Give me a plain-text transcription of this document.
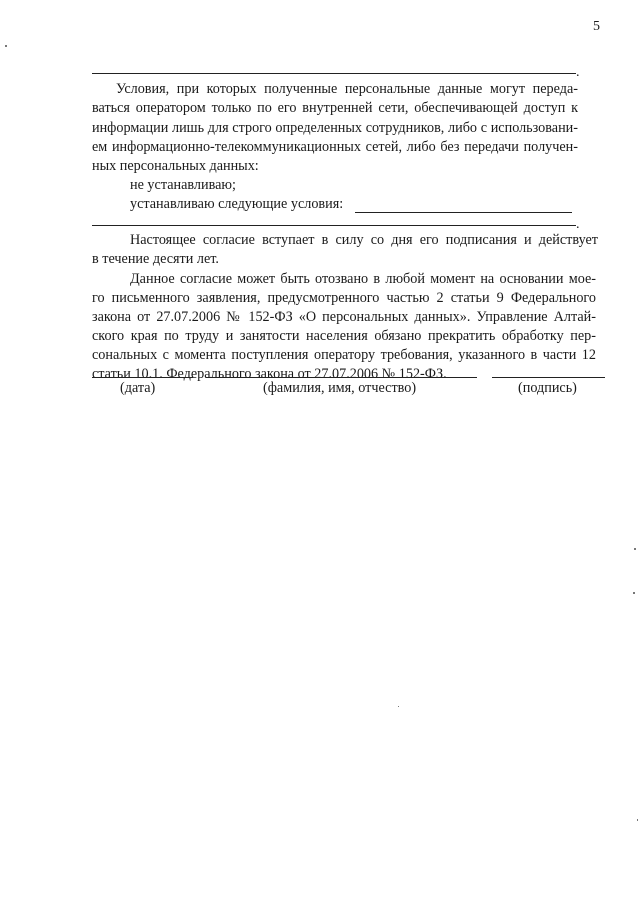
5
.
Условия, при которых полученные персональные данные могут переда-
ваться оператором только по его внутренней сети, обеспечивающей доступ к
информации лишь для строго определенных сотрудников, либо с использовани-
ем информационно-телекоммуникационных сетей, либо без передачи получен-
ных персональных данных:
не устанавливаю;
устанавливаю следующие условия:
.
Настоящее согласие вступает в силу со дня его подписания и действует
в течение десяти лет.
Данное согласие может быть отозвано в любой момент на основании мое-
го письменного заявления, предусмотренного частью 2 статьи 9 Федерального
закона от 27.07.2006 № 152-ФЗ «О персональных данных». Управление Алтай-
ского края по труду и занятости населения обязано прекратить обработку пер-
сональных с момента поступления оператору требования, указанного в части 12
статьи 10.1. Федерального закона от 27.07.2006 № 152-ФЗ.
(дата)	(фамилия, имя, отчество)	(подпись)
